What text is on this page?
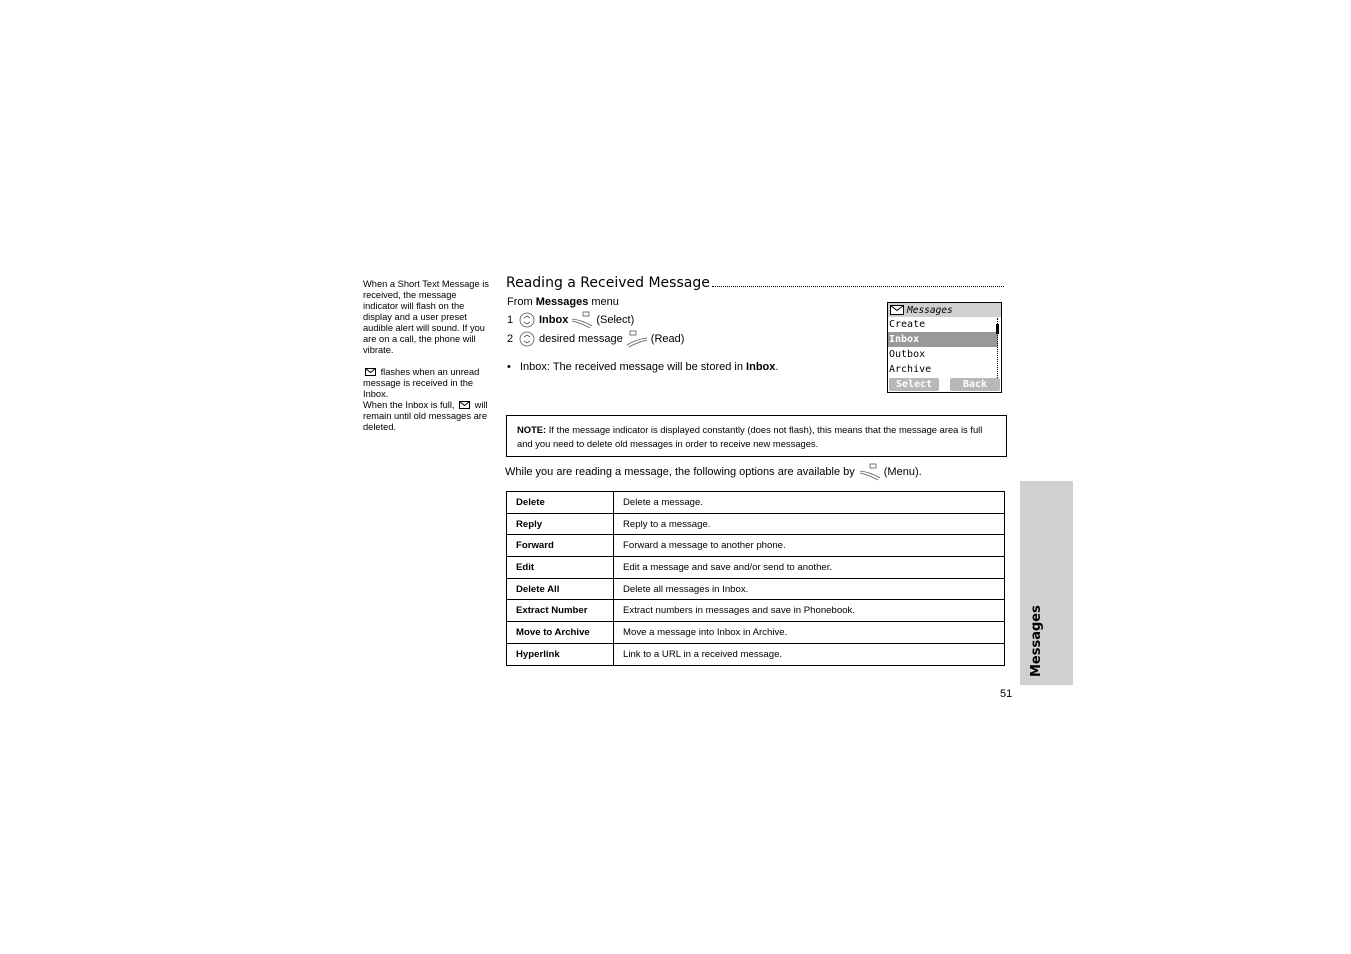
When a Short Text Message is received, the message indicator will flash on the display and a user preset audible alert will sound. If you are on a call, the phone will vibrate.

flashes when an unread message is received in the Inbox.

When the Inbox is full, will remain until old messages are deleted.

Reading a Received Message
From Messages menu
1	Inbox	(Select)
2	desired message	(Read)
• Inbox: The received message will be stored in Inbox.
Messages
Create
Inbox
Outbox
Archive
Select	Back
NOTE: If the message indicator is displayed constantly (does not flash), this means that the message area is full and you need to delete old messages in order to receive new messages.
While you are reading a message, the following options are available by	(Menu).
Delete	Delete a message.
Reply	Reply to a message.
Forward	Forward a message to another phone.
Edit	Edit a message and save and/or send to another.
Delete All	Delete all messages in Inbox.
Extract Number	Extract numbers in messages and save in Phonebook.
Move to Archive	Move a message into Inbox in Archive.
Hyperlink	Link to a URL in a received message.	Messages
51
